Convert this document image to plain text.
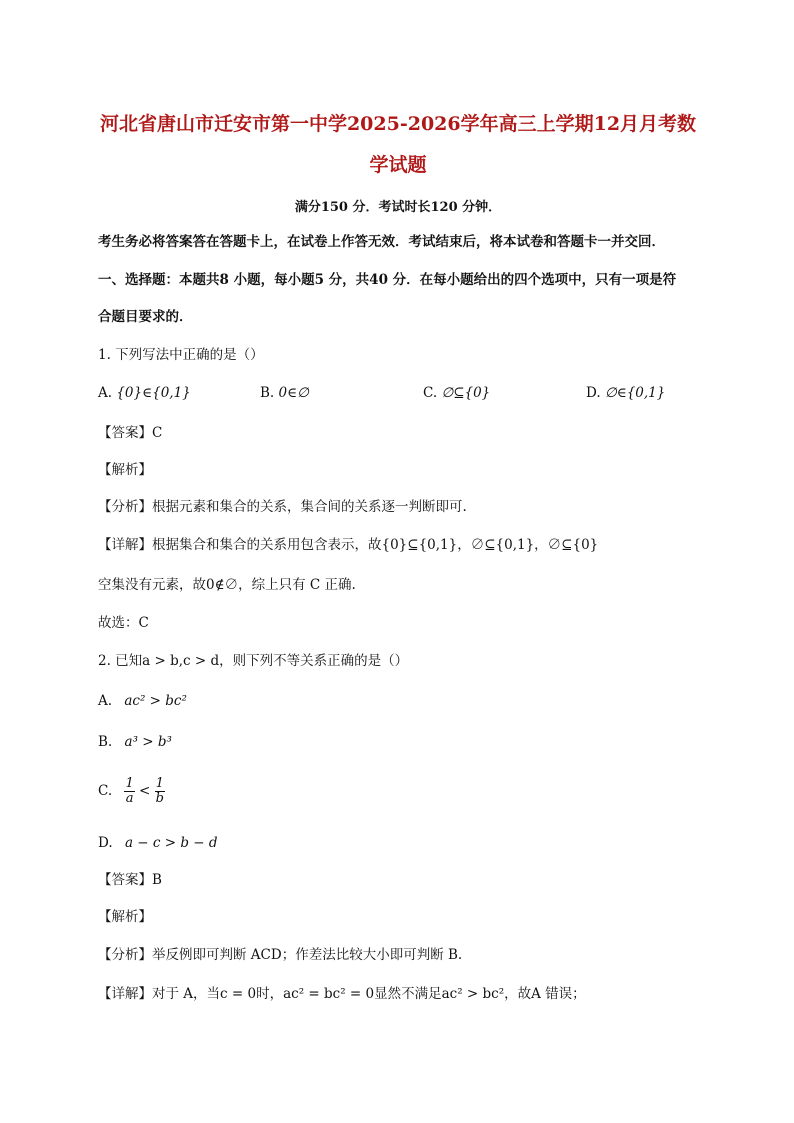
河北省唐山市迁安市第一中学2025-2026学年高三上学期12月月考数
学试题
满分150 分．考试时长120 分钟．
考生务必将答案答在答题卡上，在试卷上作答无效．考试结束后，将本试卷和答题卡一并交回．
一、选择题：本题共8 小题，每小题5 分，共40 分．在每小题给出的四个选项中，只有一项是符
合题目要求的．
1. 下列写法中正确的是（）
A. {0}∈{0,1}	B. 0∈∅	C. ∅⊆{0}	D. ∅∈{0,1}
【答案】C
【解析】
【分析】根据元素和集合的关系，集合间的关系逐一判断即可.
【详解】根据集合和集合的关系用包含表示，故{0}⊆{0,1}，∅⊆{0,1}，∅⊆{0}
空集没有元素，故0∉∅，综上只有 C 正确.
故选：C
2. 已知a > b,c > d，则下列不等关系正确的是（）
A. ac² > bc²
B. a³ > b³
C. $\frac{1}{a} < \frac{1}{b}$
D. a − c > b − d
【答案】B
【解析】
【分析】举反例即可判断 ACD；作差法比较大小即可判断 B.
【详解】对于 A，当c = 0时，ac² = bc² = 0显然不满足ac² > bc²，故A 错误；
